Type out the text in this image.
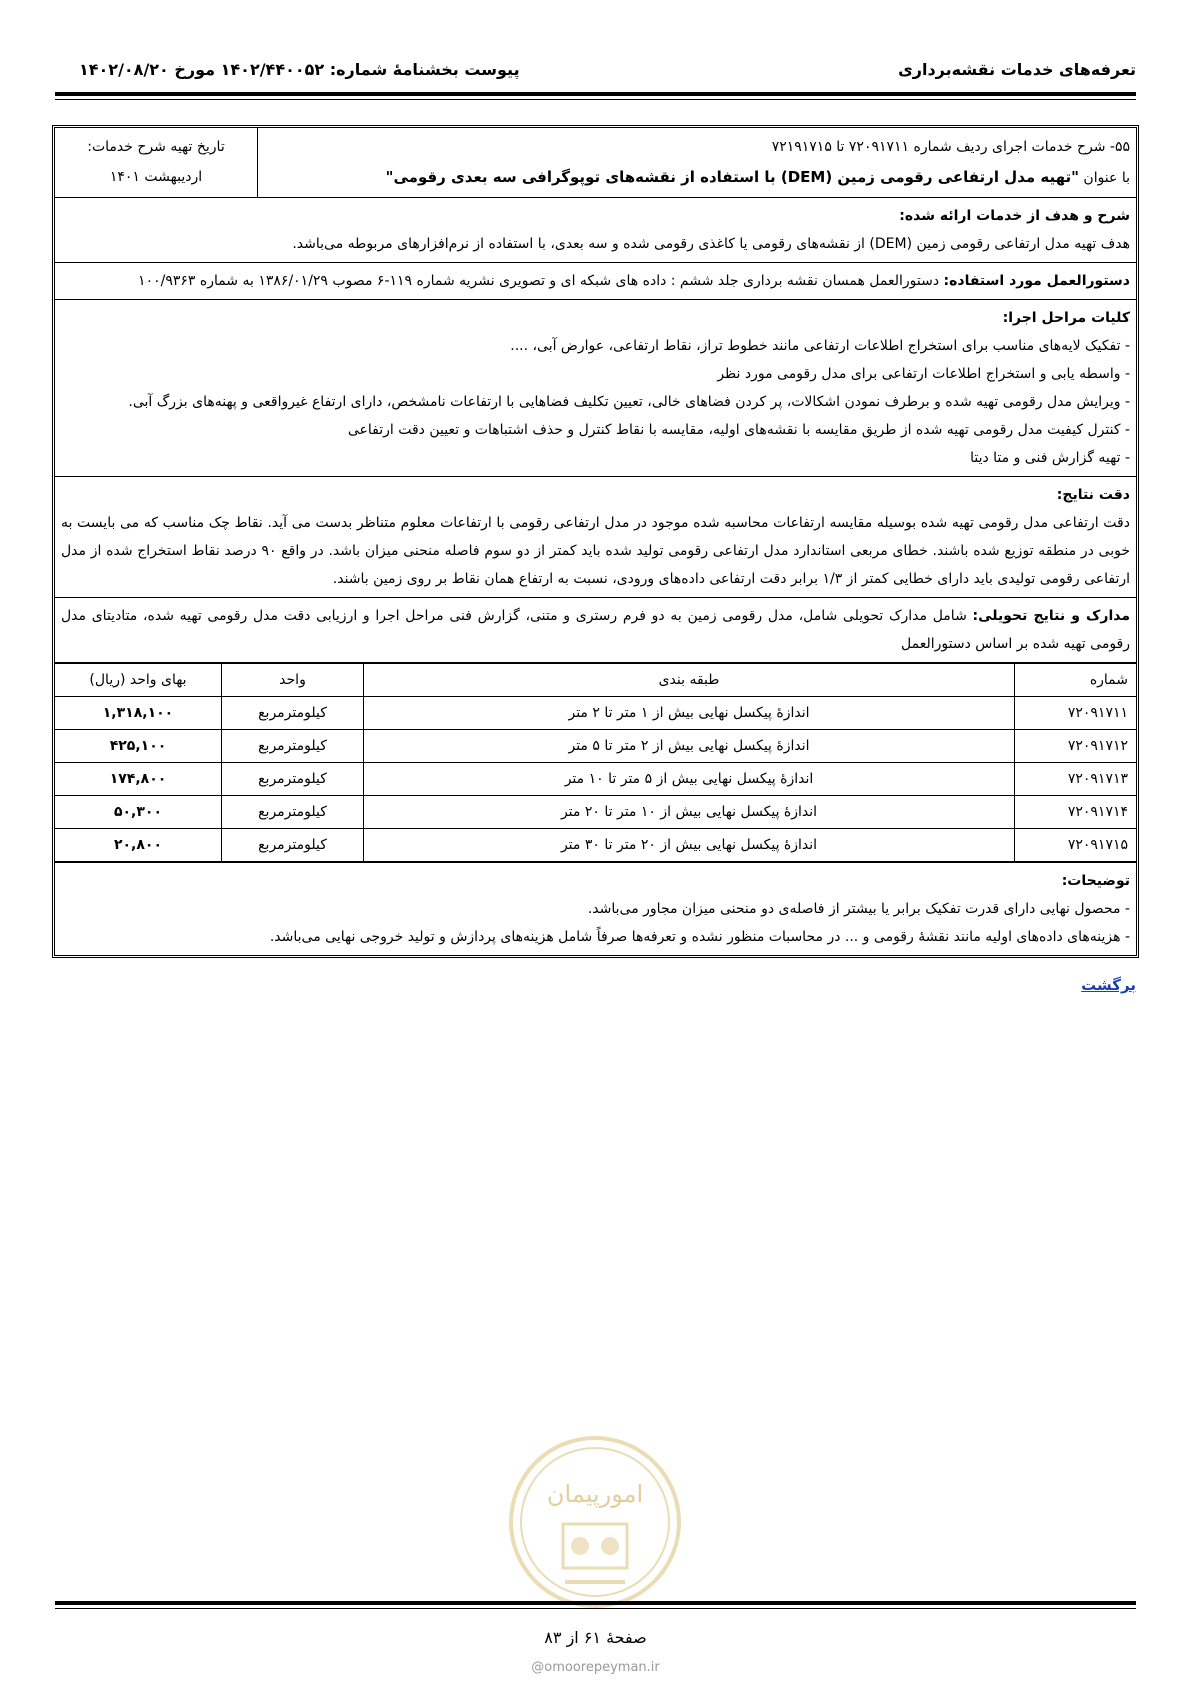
تعرفه‌های خدمات نقشه‌برداری
پیوست بخشنامۀ شماره: ۱۴۰۲/۴۴۰۰۵۲ مورخ ۱۴۰۲/۰۸/۲۰
۵۵- شرح خدمات اجرای ردیف شماره ۷۲۰۹۱۷۱۱ تا ۷۲۱۹۱۷۱۵
با عنوان "تهیه مدل ارتفاعی رقومی زمین (DEM) با استفاده از نقشه‌های توپوگرافی سه بعدی رقومی"
تاریخ تهیه شرح خدمات:
اردیبهشت ۱۴۰۱

شرح و هدف از خدمات ارائه شده:

هدف تهیه مدل ارتفاعی رقومی زمین (DEM) از نقشه‌های رقومی یا کاغذی رقومی شده و سه بعدی، با استفاده از نرم‌افزارهای مربوطه می‌باشد.

دستورالعمل مورد استفاده: دستورالعمل همسان نقشه برداری جلد ششم : داده های شبکه ای و تصویری نشریه شماره ۱۱۹-۶ مصوب ۱۳۸۶/۰۱/۲۹ به شماره ۱۰۰/۹۳۶۳

کلیات مراحل اجرا:

- تفکیک لایه‌های مناسب برای استخراج اطلاعات ارتفاعی مانند خطوط تراز، نقاط ارتفاعی، عوارض آبی، ....

- واسطه یابی و استخراج اطلاعات ارتفاعی برای مدل رقومی مورد نظر

- ویرایش مدل رقومی تهیه شده و برطرف نمودن اشکالات، پر کردن فضاهای خالی، تعیین تکلیف فضاهایی با ارتفاعات نامشخص، دارای ارتفاع غیرواقعی و پهنه‌های بزرگ آبی.

- کنترل کیفیت مدل رقومی تهیه شده از طریق مقایسه با نقشه‌های اولیه، مقایسه با نقاط کنترل و حذف اشتباهات و تعیین دقت ارتفاعی

- تهیه گزارش فنی و متا دیتا

دقت نتایج:

دقت ارتفاعی مدل رقومی تهیه شده بوسیله مقایسه ارتفاعات محاسبه شده موجود در مدل ارتفاعی رقومی با ارتفاعات معلوم متناظر بدست می آید. نقاط چک مناسب که می بایست به خوبی در منطقه توزیع شده باشند. خطای مربعی استاندارد مدل ارتفاعی رقومی تولید شده باید کمتر از دو سوم فاصله منحنی میزان باشد. در واقع ۹۰ درصد نقاط استخراج شده از مدل ارتفاعی رقومی تولیدی باید دارای خطایی کمتر از ۱/۳ برابر دقت ارتفاعی داده‌های ورودی، نسبت به ارتفاع همان نقاط بر روی زمین باشند.

مدارک و نتایج تحویلی: شامل مدارک تحویلی شامل، مدل رقومی زمین به دو فرم رستری و متنی، گزارش فنی مراحل اجرا و ارزیابی دقت مدل رقومی تهیه شده، متادیتای مدل رقومی تهیه شده بر اساس دستورالعمل

شماره	طبقه بندی	واحد	بهای واحد (ریال)
۷۲۰۹۱۷۱۱	اندازۀ پیکسل نهایی بیش از ۱ متر تا ۲ متر	کیلومترمربع	۱,۳۱۸,۱۰۰
۷۲۰۹۱۷۱۲	اندازۀ پیکسل نهایی بیش از ۲ متر تا ۵ متر	کیلومترمربع	۴۲۵,۱۰۰
۷۲۰۹۱۷۱۳	اندازۀ پیکسل نهایی بیش از ۵ متر تا ۱۰ متر	کیلومترمربع	۱۷۴,۸۰۰
۷۲۰۹۱۷۱۴	اندازۀ پیکسل نهایی بیش از ۱۰ متر تا ۲۰ متر	کیلومترمربع	۵۰,۳۰۰
۷۲۰۹۱۷۱۵	اندازۀ پیکسل نهایی بیش از ۲۰ متر تا ۳۰ متر	کیلومترمربع	۲۰,۸۰۰

توضیحات:

- محصول نهایی دارای قدرت تفکیک برابر یا بیشتر از فاصله‌ی دو منحنی میزان مجاور می‌باشد.

- هزینه‌های داده‌های اولیه مانند نقشۀ رقومی و ... در محاسبات منظور نشده و تعرفه‌ها صرفاً شامل هزینه‌های پردازش و تولید خروجی نهایی می‌باشد.

برگشت
امورپیمان
صفحۀ ۶۱ از ۸۳
@omoorepeyman.ir
